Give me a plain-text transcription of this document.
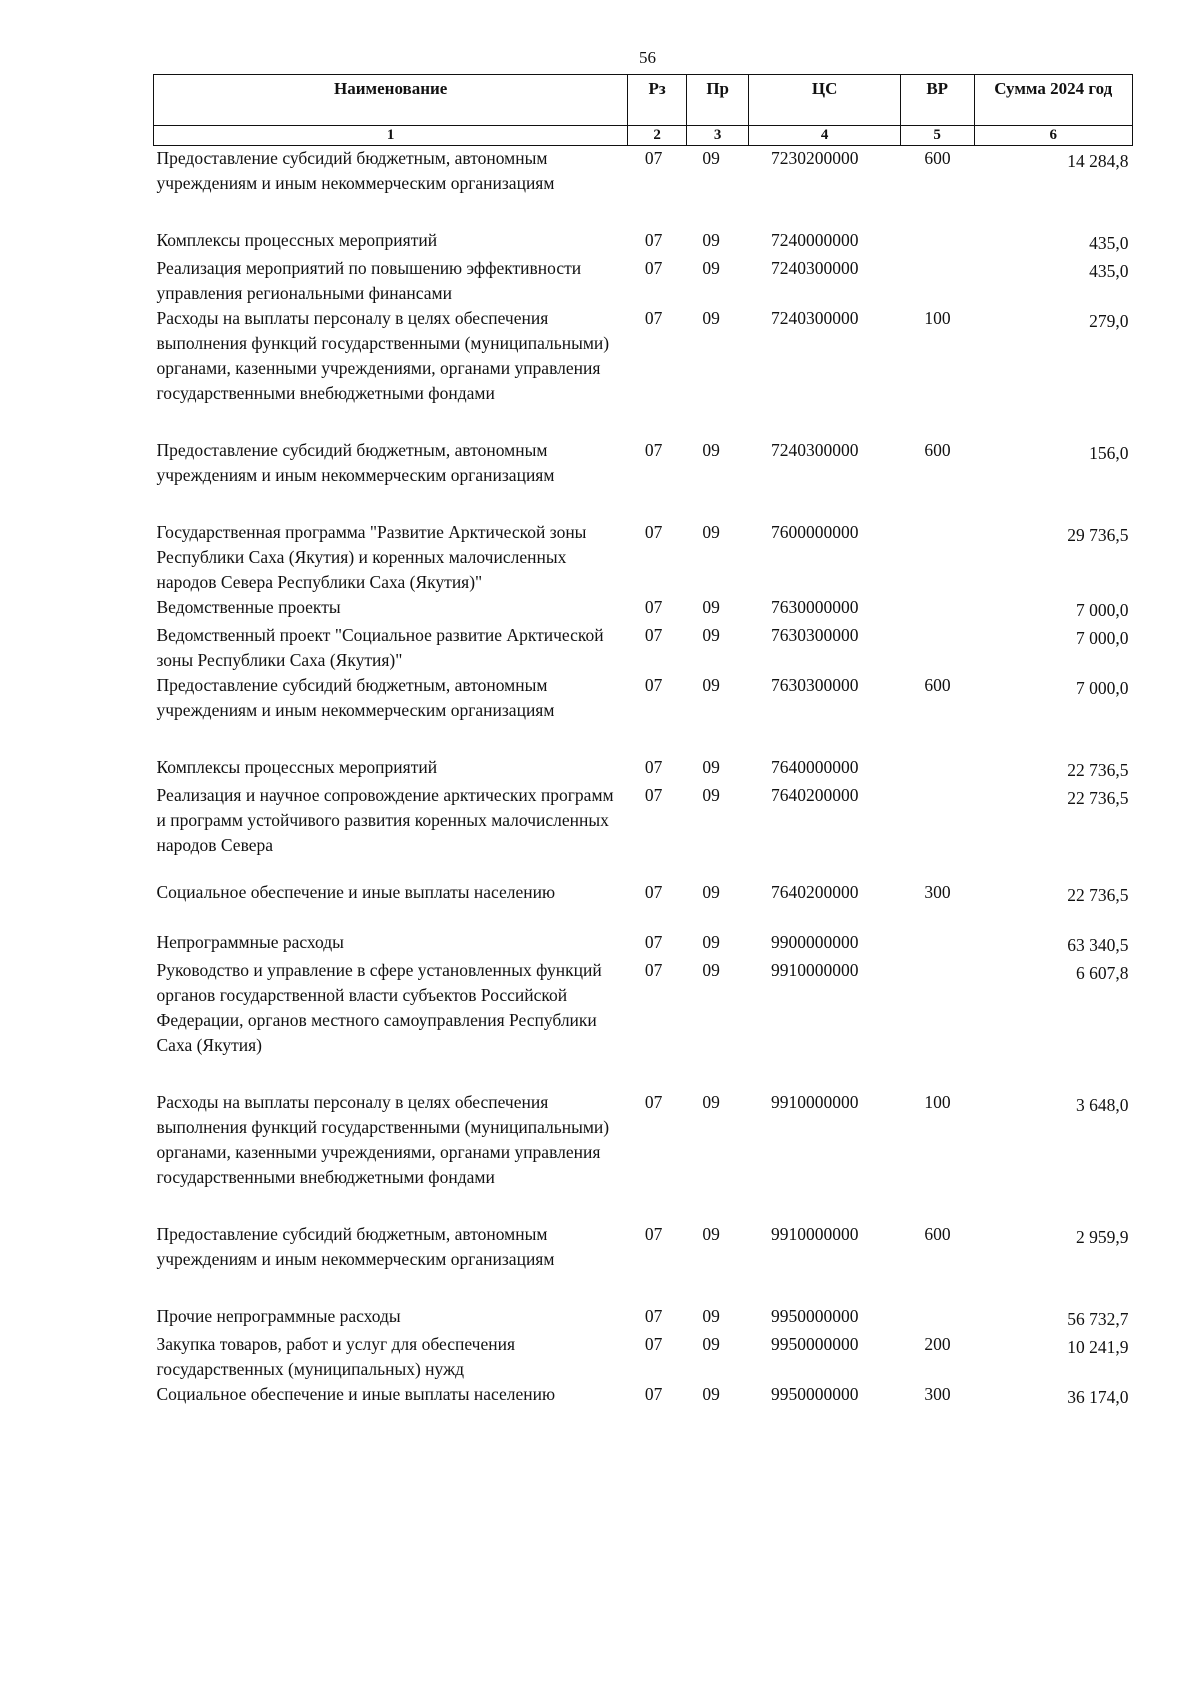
56
Наименование	Рз	Пр	ЦС	ВР	Сумма 2024 год
1	2	3	4	5	6
Предоставление субсидий бюджетным, автономным учреждениям и иным некоммерческим организациям	07	09	7230200000	600	14 284,8
Комплексы процессных мероприятий	07	09	7240000000		435,0
Реализация мероприятий по повышению эффективности управления региональными финансами	07	09	7240300000		435,0
Расходы на выплаты персоналу в целях обеспечения выполнения функций государственными (муниципальными) органами, казенными учреждениями, органами управления государственными внебюджетными фондами	07	09	7240300000	100	279,0
Предоставление субсидий бюджетным, автономным учреждениям и иным некоммерческим организациям	07	09	7240300000	600	156,0
Государственная программа "Развитие Арктической зоны Республики Саха (Якутия) и коренных малочисленных народов Севера Республики Саха (Якутия)"	07	09	7600000000		29 736,5
Ведомственные проекты	07	09	7630000000		7 000,0
Ведомственный проект "Социальное развитие Арктической зоны Республики Саха (Якутия)"	07	09	7630300000		7 000,0
Предоставление субсидий бюджетным, автономным учреждениям и иным некоммерческим организациям	07	09	7630300000	600	7 000,0
Комплексы процессных мероприятий	07	09	7640000000		22 736,5
Реализация и научное сопровождение арктических программ и программ устойчивого развития коренных малочисленных народов Севера	07	09	7640200000		22 736,5
Социальное обеспечение и иные выплаты населению	07	09	7640200000	300	22 736,5
Непрограммные расходы	07	09	9900000000		63 340,5
Руководство и управление в сфере установленных функций органов государственной власти субъектов Российской Федерации, органов местного самоуправления Республики Саха (Якутия)	07	09	9910000000		6 607,8
Расходы на выплаты персоналу в целях обеспечения выполнения функций государственными (муниципальными) органами, казенными учреждениями, органами управления государственными внебюджетными фондами	07	09	9910000000	100	3 648,0
Предоставление субсидий бюджетным, автономным учреждениям и иным некоммерческим организациям	07	09	9910000000	600	2 959,9
Прочие непрограммные расходы	07	09	9950000000		56 732,7
Закупка товаров, работ и услуг для обеспечения государственных (муниципальных) нужд	07	09	9950000000	200	10 241,9
Социальное обеспечение и иные выплаты населению	07	09	9950000000	300	36 174,0
